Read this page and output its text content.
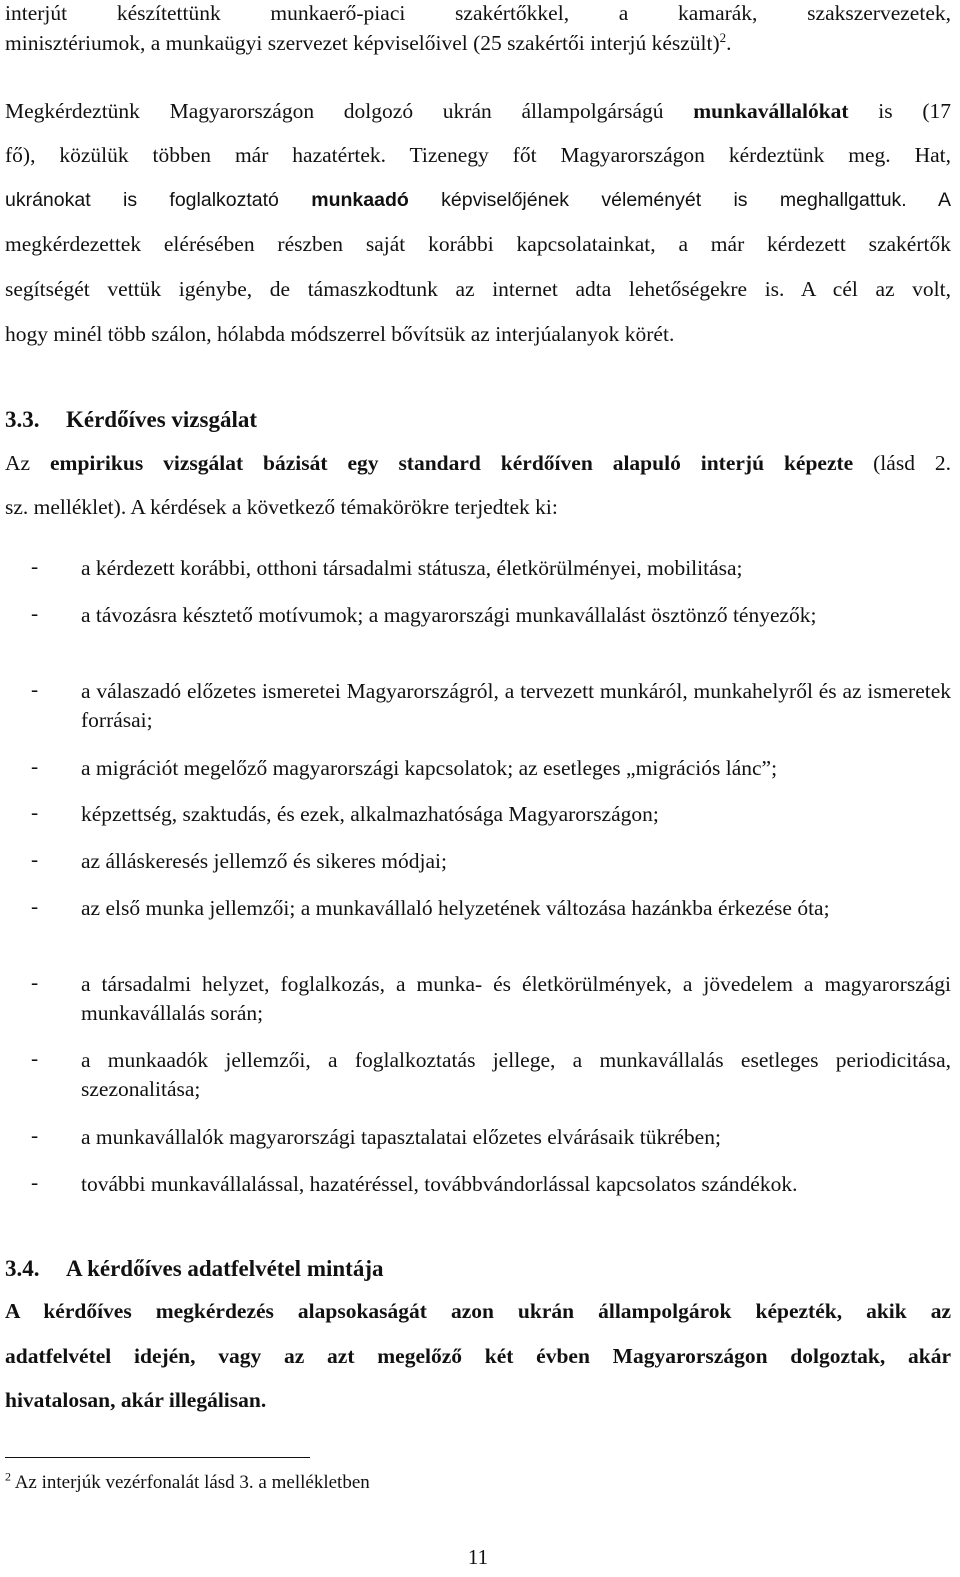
interjút készítettünk munkaerő-piaci szakértőkkel, a kamarák, szakszervezetek,

minisztériumok, a munkaügyi szervezet képviselőivel (25 szakértői interjú készült)$^2$.

Megkérdeztünk Magyarországon dolgozó ukrán állampolgárságú munkavállalókat is (17

fő), közülük többen már hazatértek. Tizenegy főt Magyarországon kérdeztünk meg. Hat,

ukránokat is foglalkoztató munkaadó képviselőjének véleményét is meghallgattuk. A

megkérdezettek elérésében részben saját korábbi kapcsolatainkat, a már kérdezett szakértők

segítségét vettük igénybe, de támaszkodtunk az internet adta lehetőségekre is. A cél az volt,

hogy minél több szálon, hólabda módszerrel bővítsük az interjúalanyok körét.

3.3. Kérdőíves vizsgálat

Az empirikus vizsgálat bázisát egy standard kérdőíven alapuló interjú képezte (lásd 2.

sz. melléklet). A kérdések a következő témakörökre terjedtek ki:

- a kérdezett korábbi, otthoni társadalmi státusza, életkörülményei, mobilitása;
- a távozásra késztető motívumok; a magyarországi munkavállalást ösztönző tényezők;
- a válaszadó előzetes ismeretei Magyarországról, a tervezett munkáról, munkahelyről és az ismeretek forrásai;
- a migrációt megelőző magyarországi kapcsolatok; az esetleges „migrációs lánc”;
- képzettség, szaktudás, és ezek, alkalmazhatósága Magyarországon;
- az álláskeresés jellemző és sikeres módjai;
- az első munka jellemzői; a munkavállaló helyzetének változása hazánkba érkezése óta;
- a társadalmi helyzet, foglalkozás, a munka- és életkörülmények, a jövedelem a magyarországi munkavállalás során;
- a munkaadók jellemzői, a foglalkoztatás jellege, a munkavállalás esetleges periodicitása, szezonalitása;
- a munkavállalók magyarországi tapasztalatai előzetes elvárásaik tükrében;
- további munkavállalással, hazatéréssel, továbbvándorlással kapcsolatos szándékok.
3.4. A kérdőíves adatfelvétel mintája

A kérdőíves megkérdezés alapsokaságát azon ukrán állampolgárok képezték, akik az

adatfelvétel idején, vagy az azt megelőző két évben Magyarországon dolgoztak, akár

hivatalosan, akár illegálisan.

$^2$ Az interjúk vezérfonalát lásd 3. a mellékletben
11
